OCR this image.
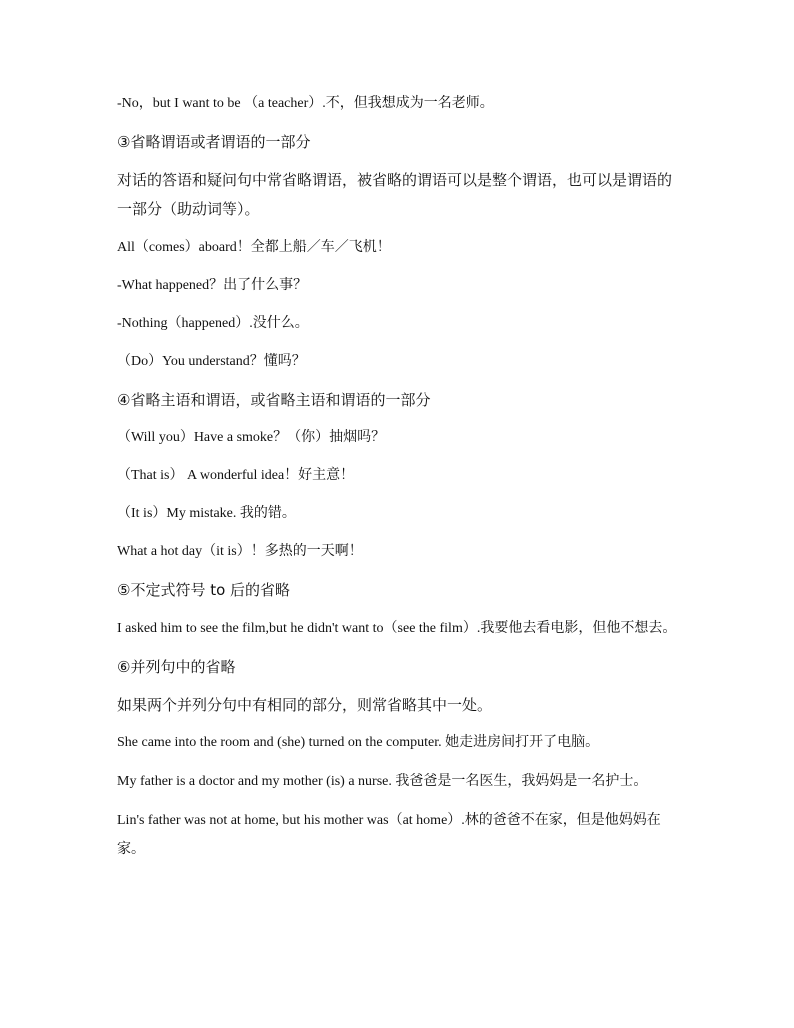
-No，but I want to be （a teacher）.不，但我想成为一名老师。
③省略谓语或者谓语的一部分
对话的答语和疑问句中常省略谓语，被省略的谓语可以是整个谓语，也可以是谓语的一部分（助动词等）。
All（comes）aboard！全都上船／车／飞机！
-What happened？出了什么事？
-Nothing（happened）.没什么。
（Do）You understand？懂吗？
④省略主语和谓语，或省略主语和谓语的一部分
（Will you）Have a smoke？（你）抽烟吗？
（That is） A wonderful idea！好主意！
（It is）My mistake. 我的错。
What a hot day（it is）！多热的一天啊！
⑤不定式符号 to 后的省略
I asked him to see the film,but he didn't want to（see the film）.我要他去看电影，但他不想去。
⑥并列句中的省略
如果两个并列分句中有相同的部分，则常省略其中一处。
She came into the room and (she) turned on the computer. 她走进房间打开了电脑。
My father is a doctor and my mother (is) a nurse. 我爸爸是一名医生，我妈妈是一名护士。
Lin's father was not at home, but his mother was（at home）.林的爸爸不在家，但是他妈妈在家。
